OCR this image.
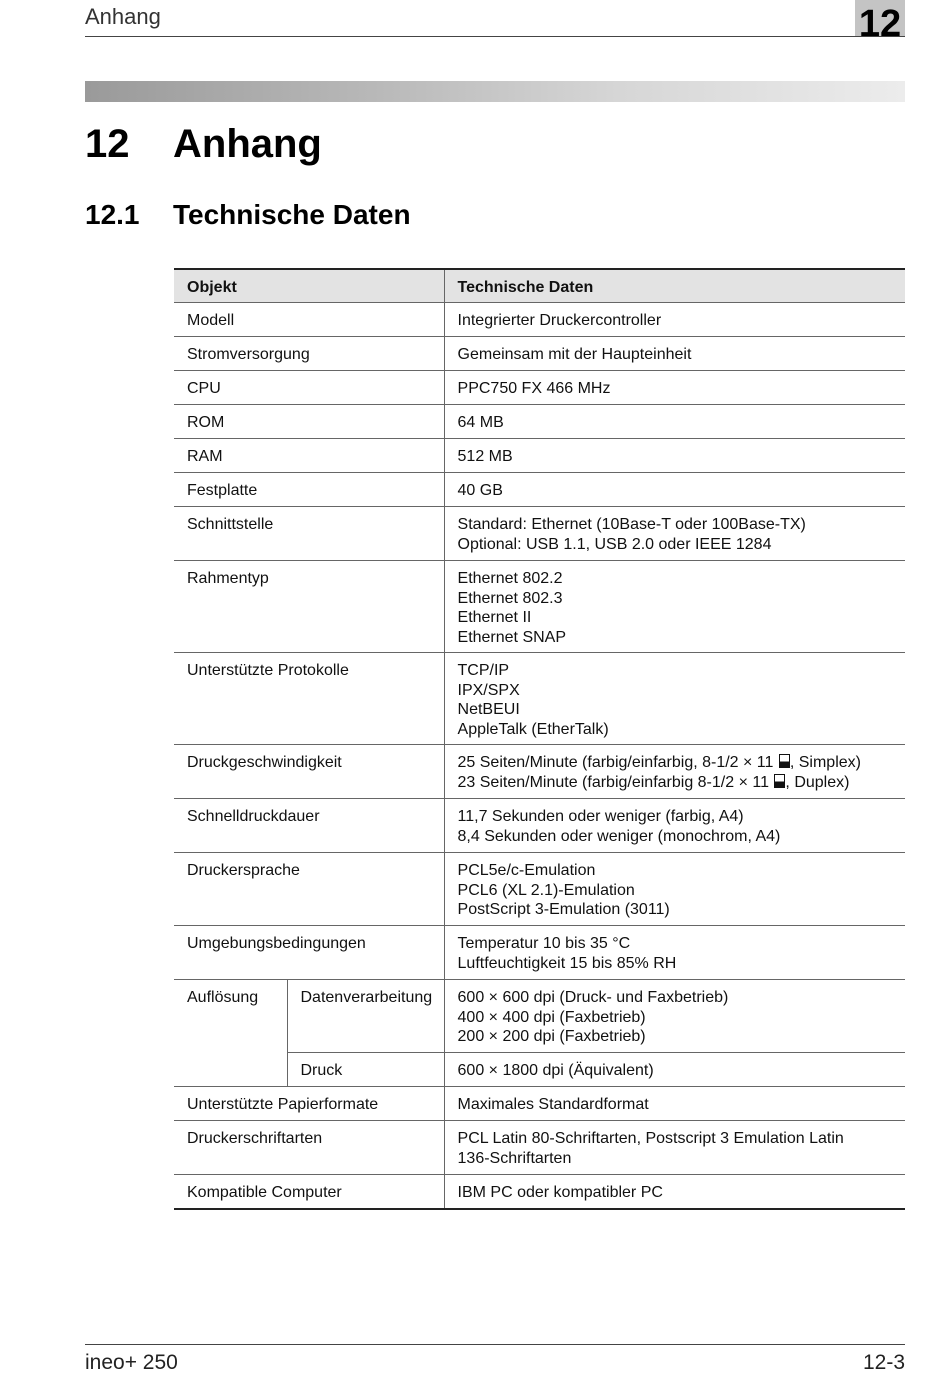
Anhang	12
12 Anhang
12.1 Technische Daten
Objekt		Technische Daten
Modell		Integrierter Druckercontroller

Stromversorgung		Gemeinsam mit der Haupteinheit

CPU		PPC750 FX 466 MHz

ROM		64 MB

RAM		512 MB

Festplatte		40 GB

Schnittstelle		Standard: Ethernet (10Base-T oder 100Base-TX)
Optional: USB 1.1, USB 2.0 oder IEEE 1284

Rahmentyp		Ethernet 802.2
Ethernet 802.3
Ethernet II
Ethernet SNAP

Unterstützte Protokolle		TCP/IP
IPX/SPX
NetBEUI
AppleTalk (EtherTalk)

Druckgeschwindigkeit		25 Seiten/Minute (farbig/einfarbig, 8-1/2 × 11 , Simplex)
23 Seiten/Minute (farbig/einfarbig 8-1/2 × 11 , Duplex)

Schnelldruckdauer		11,7 Sekunden oder weniger (farbig, A4)
8,4 Sekunden oder weniger (monochrom, A4)

Druckersprache		PCL5e/c-Emulation
PCL6 (XL 2.1)-Emulation
PostScript 3-Emulation (3011)

Umgebungsbedingungen		Temperatur 10 bis 35 °C
Luftfeuchtigkeit 15 bis 85% RH

Auflösung	Datenverarbeitung	600 × 600 dpi (Druck- und Faxbetrieb)
400 × 400 dpi (Faxbetrieb)
200 × 200 dpi (Faxbetrieb)

	Druck	600 × 1800 dpi (Äquivalent)

Unterstützte Papierformate		Maximales Standardformat

Druckerschriftarten		PCL Latin 80-Schriftarten, Postscript 3 Emulation Latin
136-Schriftarten

Kompatible Computer		IBM PC oder kompatibler PC
ineo+ 250	12-3
